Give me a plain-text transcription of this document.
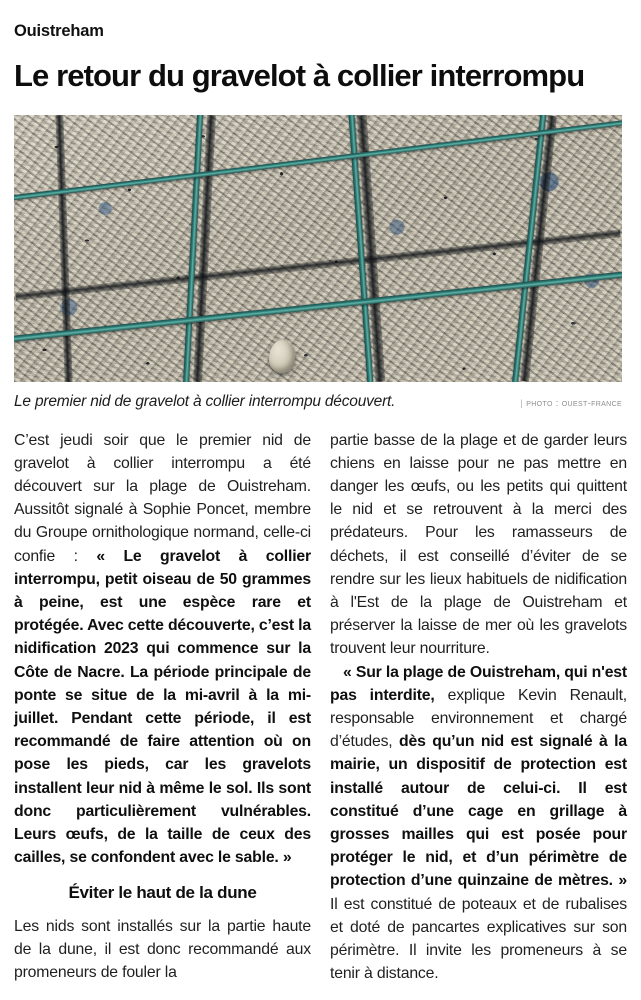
Ouistreham
Le retour du gravelot à collier interrompu
Le premier nid de gravelot à collier interrompu découvert.	| photo : ouest-france

C’est jeudi soir que le premier nid de gravelot à collier interrompu a été découvert sur la plage de Ouistreham. Aussitôt signalé à Sophie Poncet, membre du Groupe ornithologique normand, celle-ci confie : « Le gravelot à collier interrompu, petit oiseau de 50 grammes à peine, est une espèce rare et protégée. Avec cette découverte, c’est la nidification 2023 qui commence sur la Côte de Nacre. La période principale de ponte se situe de la mi-avril à la mi-juillet. Pendant cette période, il est recommandé de faire attention où on pose les pieds, car les gravelots installent leur nid à même le sol. Ils sont donc particulièrement vulnérables. Leurs œufs, de la taille de ceux des cailles, se confondent avec le sable. »

Éviter le haut de la dune

Les nids sont installés sur la partie haute de la dune, il est donc recommandé aux promeneurs de fouler la

partie basse de la plage et de garder leurs chiens en laisse pour ne pas mettre en danger les œufs, ou les petits qui quittent le nid et se retrouvent à la merci des prédateurs. Pour les ramasseurs de déchets, il est conseillé d’éviter de se rendre sur les lieux habituels de nidification à l'Est de la plage de Ouistreham et préserver la laisse de mer où les gravelots trouvent leur nourriture.

« Sur la plage de Ouistreham, qui n'est pas interdite, explique Kevin Renault, responsable environnement et chargé d’études, dès qu’un nid est signalé à la mairie, un dispositif de protection est installé autour de celui-ci. Il est constitué d’une cage en grillage à grosses mailles qui est posée pour protéger le nid, et d’un périmètre de protection d’une quinzaine de mètres. » Il est constitué de poteaux et de rubalises et doté de pancartes explicatives sur son périmètre. Il invite les promeneurs à se tenir à distance.
